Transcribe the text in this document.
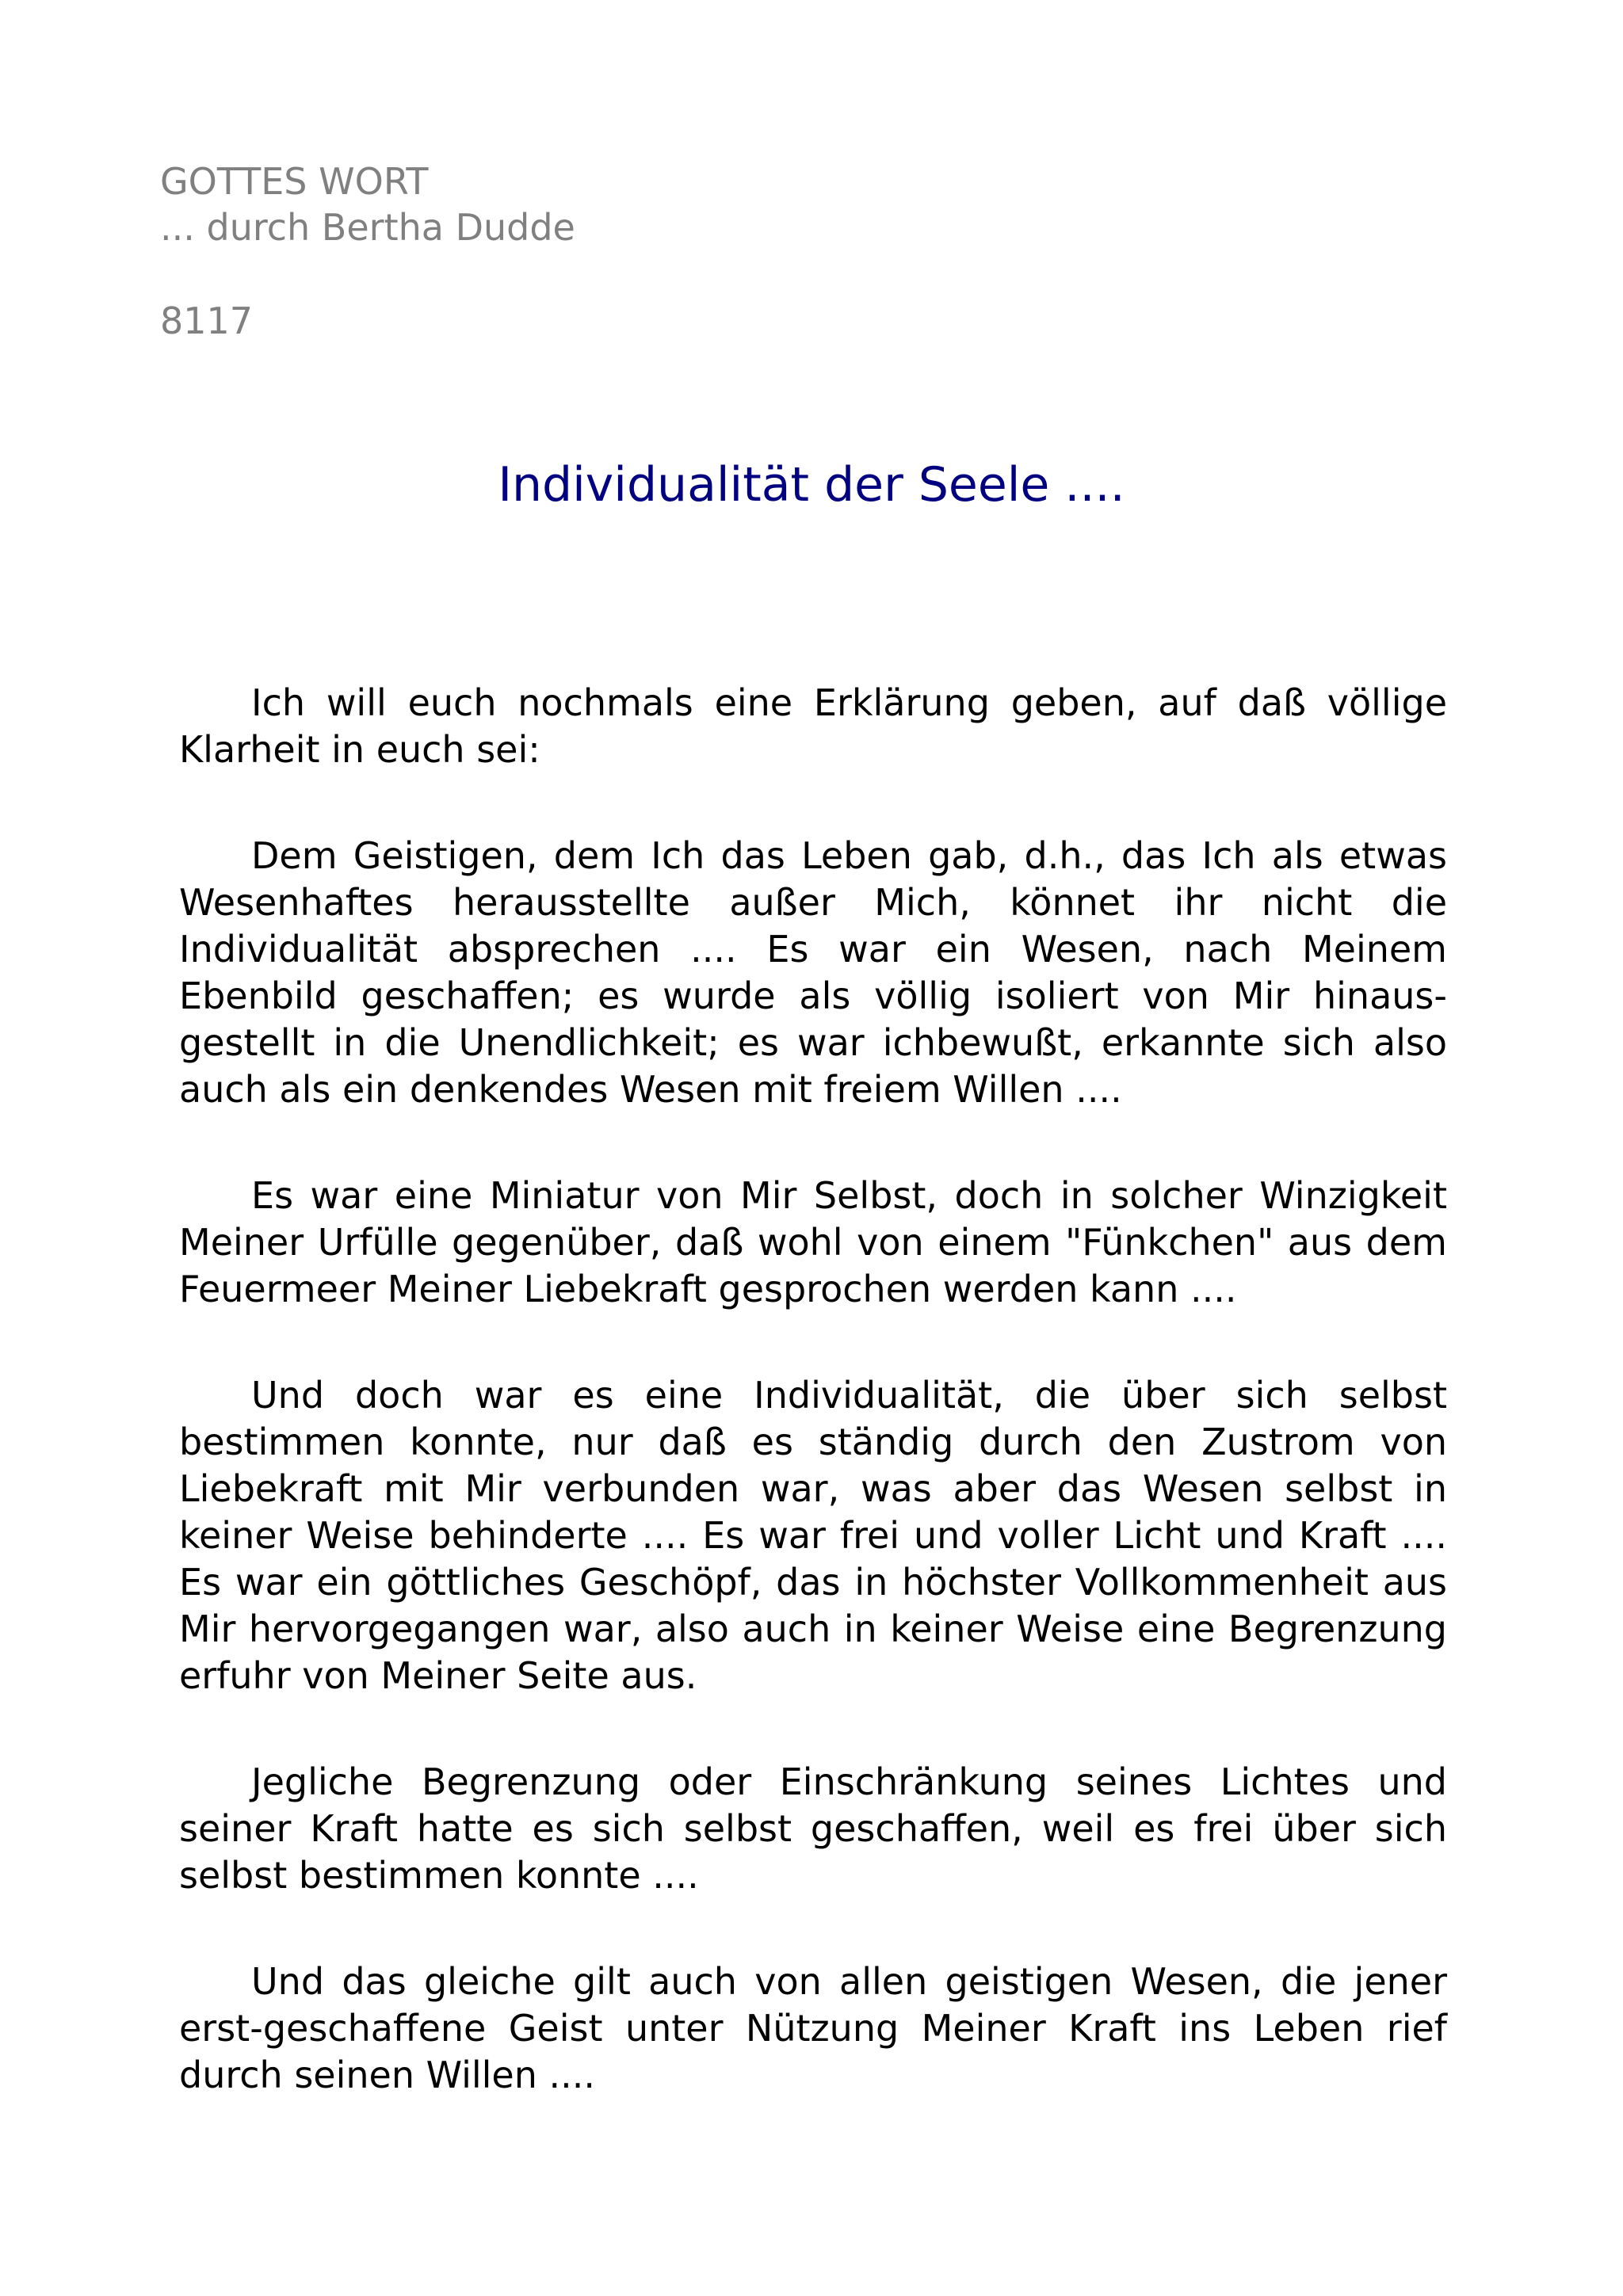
GOTTES WORT
... durch Bertha Dudde
8117
Individualität der Seele ....

Ich will euch nochmals eine Erklärung geben, auf daß völlige Klarheit in euch sei:

Dem Geistigen, dem Ich das Leben gab, d.h., das Ich als etwas Wesenhaftes herausstellte außer Mich, könnet ihr nicht die Individualität absprechen .... Es war ein Wesen, nach Meinem Ebenbild geschaffen; es wurde als völlig isoliert von Mir hinaus-gestellt in die Unendlichkeit; es war ichbewußt, erkannte sich also auch als ein denkendes Wesen mit freiem Willen ....

Es war eine Miniatur von Mir Selbst, doch in solcher Winzigkeit Meiner Urfülle gegenüber, daß wohl von einem "Fünkchen" aus dem Feuermeer Meiner Liebekraft gesprochen werden kann ....

Und doch war es eine Individualität, die über sich selbst bestimmen konnte, nur daß es ständig durch den Zustrom von Liebekraft mit Mir verbunden war, was aber das Wesen selbst in keiner Weise behinderte .... Es war frei und voller Licht und Kraft .... Es war ein göttliches Geschöpf, das in höchster Vollkommenheit aus Mir hervorgegangen war, also auch in keiner Weise eine Begrenzung erfuhr von Meiner Seite aus.

Jegliche Begrenzung oder Einschränkung seines Lichtes und seiner Kraft hatte es sich selbst geschaffen, weil es frei über sich selbst bestimmen konnte ....

Und das gleiche gilt auch von allen geistigen Wesen, die jener erst-geschaffene Geist unter Nützung Meiner Kraft ins Leben rief durch seinen Willen ....
